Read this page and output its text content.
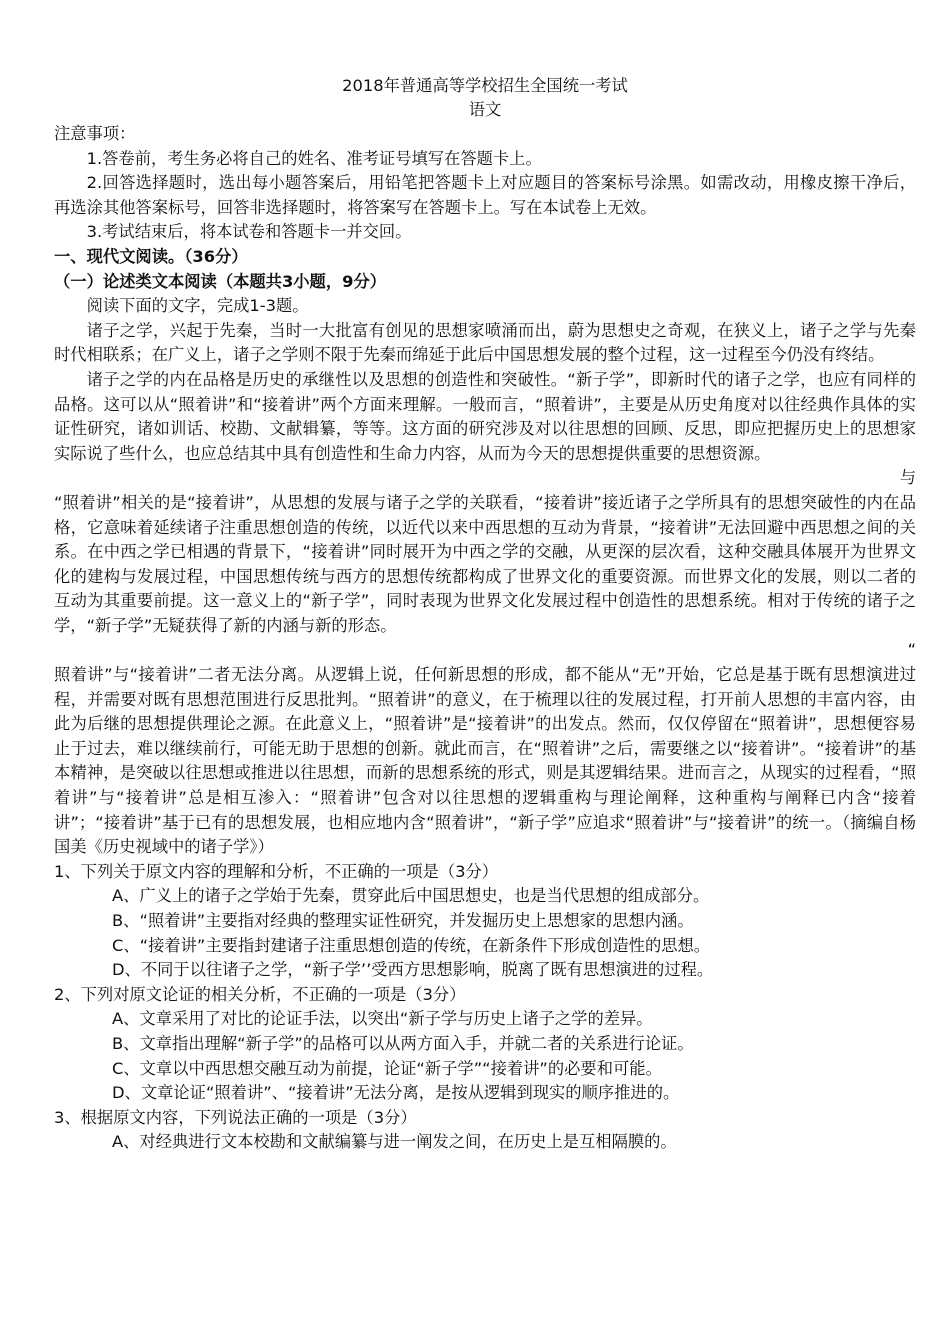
2018年普通高等学校招生全国统一考试
语文

注意事项：

1.答卷前，考生务必将自己的姓名、准考证号填写在答题卡上。

2.回答选择题时，选出每小题答案后，用铅笔把答题卡上对应题目的答案标号涂黑。如需改动，用橡皮擦干净后，再选涂其他答案标号，回答非选择题时，将答案写在答题卡上。写在本试卷上无效。

3.考试结束后，将本试卷和答题卡一并交回。

一、现代文阅读。（36分）

（一）论述类文本阅读（本题共3小题，9分）

阅读下面的文字，完成1-3题。

诸子之学，兴起于先秦，当时一大批富有创见的思想家喷涌而出，蔚为思想史之奇观，在狭义上，诸子之学与先秦时代相联系；在广义上，诸子之学则不限于先秦而绵延于此后中国思想发展的整个过程，这一过程至今仍没有终结。

诸子之学的内在品格是历史的承继性以及思想的创造性和突破性。“新子学”，即新时代的诸子之学，也应有同样的品格。这可以从“照着讲”和“接着讲”两个方面来理解。一般而言，“照着讲”，主要是从历史角度对以往经典作具体的实证性研究，诸如训话、校勘、文献辑纂，等等。这方面的研究涉及对以往思想的回顾、反思，即应把握历史上的思想家实际说了些什么，也应总结其中具有创造性和生命力内容，从而为今天的思想提供重要的思想资源。

与

“照着讲”相关的是“接着讲”，从思想的发展与诸子之学的关联看，“接着讲”接近诸子之学所具有的思想突破性的内在品格，它意味着延续诸子注重思想创造的传统，以近代以来中西思想的互动为背景，“接着讲”无法回避中西思想之间的关系。在中西之学已相遇的背景下，“接着讲”同时展开为中西之学的交融，从更深的层次看，这种交融具体展开为世界文化的建构与发展过程，中国思想传统与西方的思想传统都构成了世界文化的重要资源。而世界文化的发展，则以二者的互动为其重要前提。这一意义上的“新子学”，同时表现为世界文化发展过程中创造性的思想系统。相对于传统的诸子之学，“新子学”无疑获得了新的内涵与新的形态。

“

照着讲”与“接着讲”二者无法分离。从逻辑上说，任何新思想的形成，都不能从“无”开始，它总是基于既有思想演进过程，并需要对既有思想范围进行反思批判。“照着讲”的意义，在于梳理以往的发展过程，打开前人思想的丰富内容，由此为后继的思想提供理论之源。在此意义上，“照着讲”是“接着讲”的出发点。然而，仅仅停留在“照着讲”，思想便容易止于过去，难以继续前行，可能无助于思想的创新。就此而言，在“照着讲”之后，需要继之以“接着讲”。“接着讲”的基本精神，是突破以往思想或推进以往思想，而新的思想系统的形式，则是其逻辑结果。进而言之，从现实的过程看，“照着讲”与“接着讲”总是相互渗入：“照着讲”包含对以往思想的逻辑重构与理论阐释，这种重构与阐释已内含“接着讲”；“接着讲”基于已有的思想发展，也相应地内含“照着讲”，“新子学”应追求“照着讲”与“接着讲”的统一。（摘编自杨国美《历史视域中的诸子学》）

1、下列关于原文内容的理解和分析，不正确的一项是（3分）

A、广义上的诸子之学始于先秦，贯穿此后中国思想史，也是当代思想的组成部分。

B、“照着讲”主要指对经典的整理实证性研究，并发掘历史上思想家的思想内涵。

C、“接着讲”主要指封建诸子注重思想创造的传统，在新条件下形成创造性的思想。

D、不同于以往诸子之学，“新子学’’受西方思想影响，脱离了既有思想演进的过程。

2、下列对原文论证的相关分析，不正确的一项是（3分）

A、文章采用了对比的论证手法，以突出“新子学与历史上诸子之学的差异。

B、文章指出理解“新子学”的品格可以从两方面入手，并就二者的关系进行论证。

C、文章以中西思想交融互动为前提，论证“新子学”“接着讲”的必要和可能。

D、文章论证“照着讲”、“接着讲”无法分离，是按从逻辑到现实的顺序推进的。

3、根据原文内容，下列说法正确的一项是（3分）

A、对经典进行文本校勘和文献编纂与进一阐发之间，在历史上是互相隔膜的。
